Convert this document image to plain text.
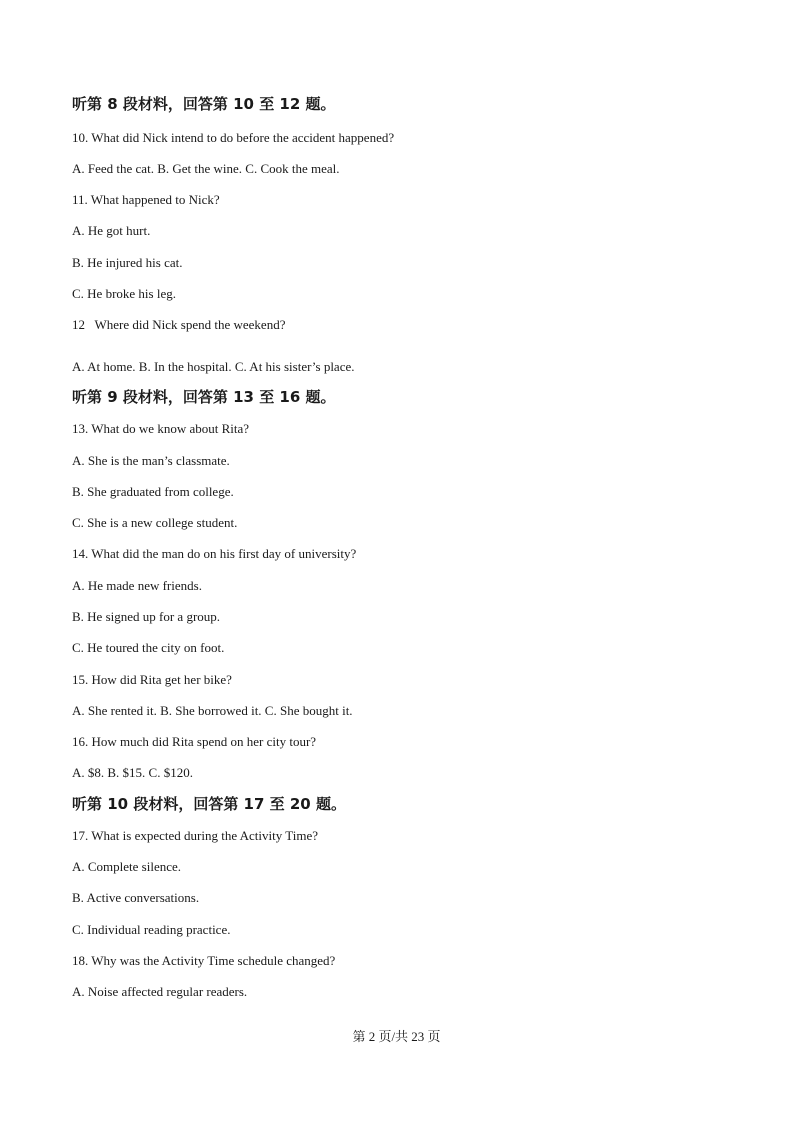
听第 8 段材料，回答第 10 至 12 题。
10. What did Nick intend to do before the accident happened?
A. Feed the cat. B. Get the wine. C. Cook the meal.
11. What happened to Nick?
A. He got hurt.
B. He injured his cat.
C. He broke his leg.
12   Where did Nick spend the weekend?
A. At home. B. In the hospital. C. At his sister’s place.
听第 9 段材料，回答第 13 至 16 题。
13. What do we know about Rita?
A. She is the man’s classmate.
B. She graduated from college.
C. She is a new college student.
14. What did the man do on his first day of university?
A. He made new friends.
B. He signed up for a group.
C. He toured the city on foot.
15. How did Rita get her bike?
A. She rented it. B. She borrowed it. C. She bought it.
16. How much did Rita spend on her city tour?
A. $8. B. $15. C. $120.
听第 10 段材料，回答第 17 至 20 题。
17. What is expected during the Activity Time?
A. Complete silence.
B. Active conversations.
C. Individual reading practice.
18. Why was the Activity Time schedule changed?
A. Noise affected regular readers.
第 2 页/共 23 页
